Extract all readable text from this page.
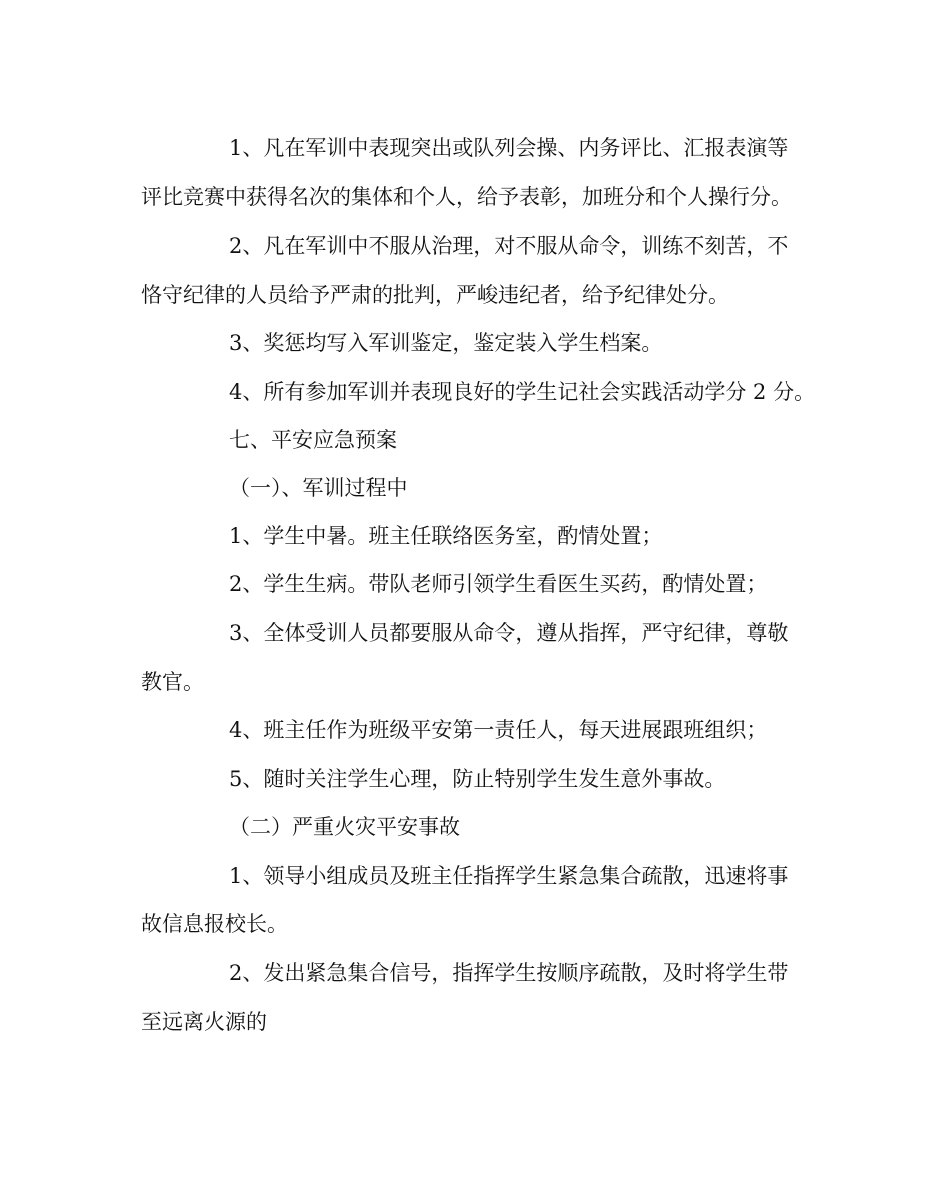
1、凡在军训中表现突出或队列会操、内务评比、汇报表演等
评比竞赛中获得名次的集体和个人，给予表彰，加班分和个人操行分。
2、凡在军训中不服从治理，对不服从命令，训练不刻苦，不
恪守纪律的人员给予严肃的批判，严峻违纪者，给予纪律处分。
3、奖惩均写入军训鉴定，鉴定装入学生档案。
4、所有参加军训并表现良好的学生记社会实践活动学分 2 分。
七、平安应急预案
（一）、军训过程中
1、学生中暑。班主任联络医务室，酌情处置；
2、学生生病。带队老师引领学生看医生买药，酌情处置；
3、全体受训人员都要服从命令，遵从指挥，严守纪律，尊敬
教官。
4、班主任作为班级平安第一责任人，每天进展跟班组织；
5、随时关注学生心理，防止特别学生发生意外事故。
（二）严重火灾平安事故
1、领导小组成员及班主任指挥学生紧急集合疏散，迅速将事
故信息报校长。
2、发出紧急集合信号，指挥学生按顺序疏散，及时将学生带
至远离火源的
